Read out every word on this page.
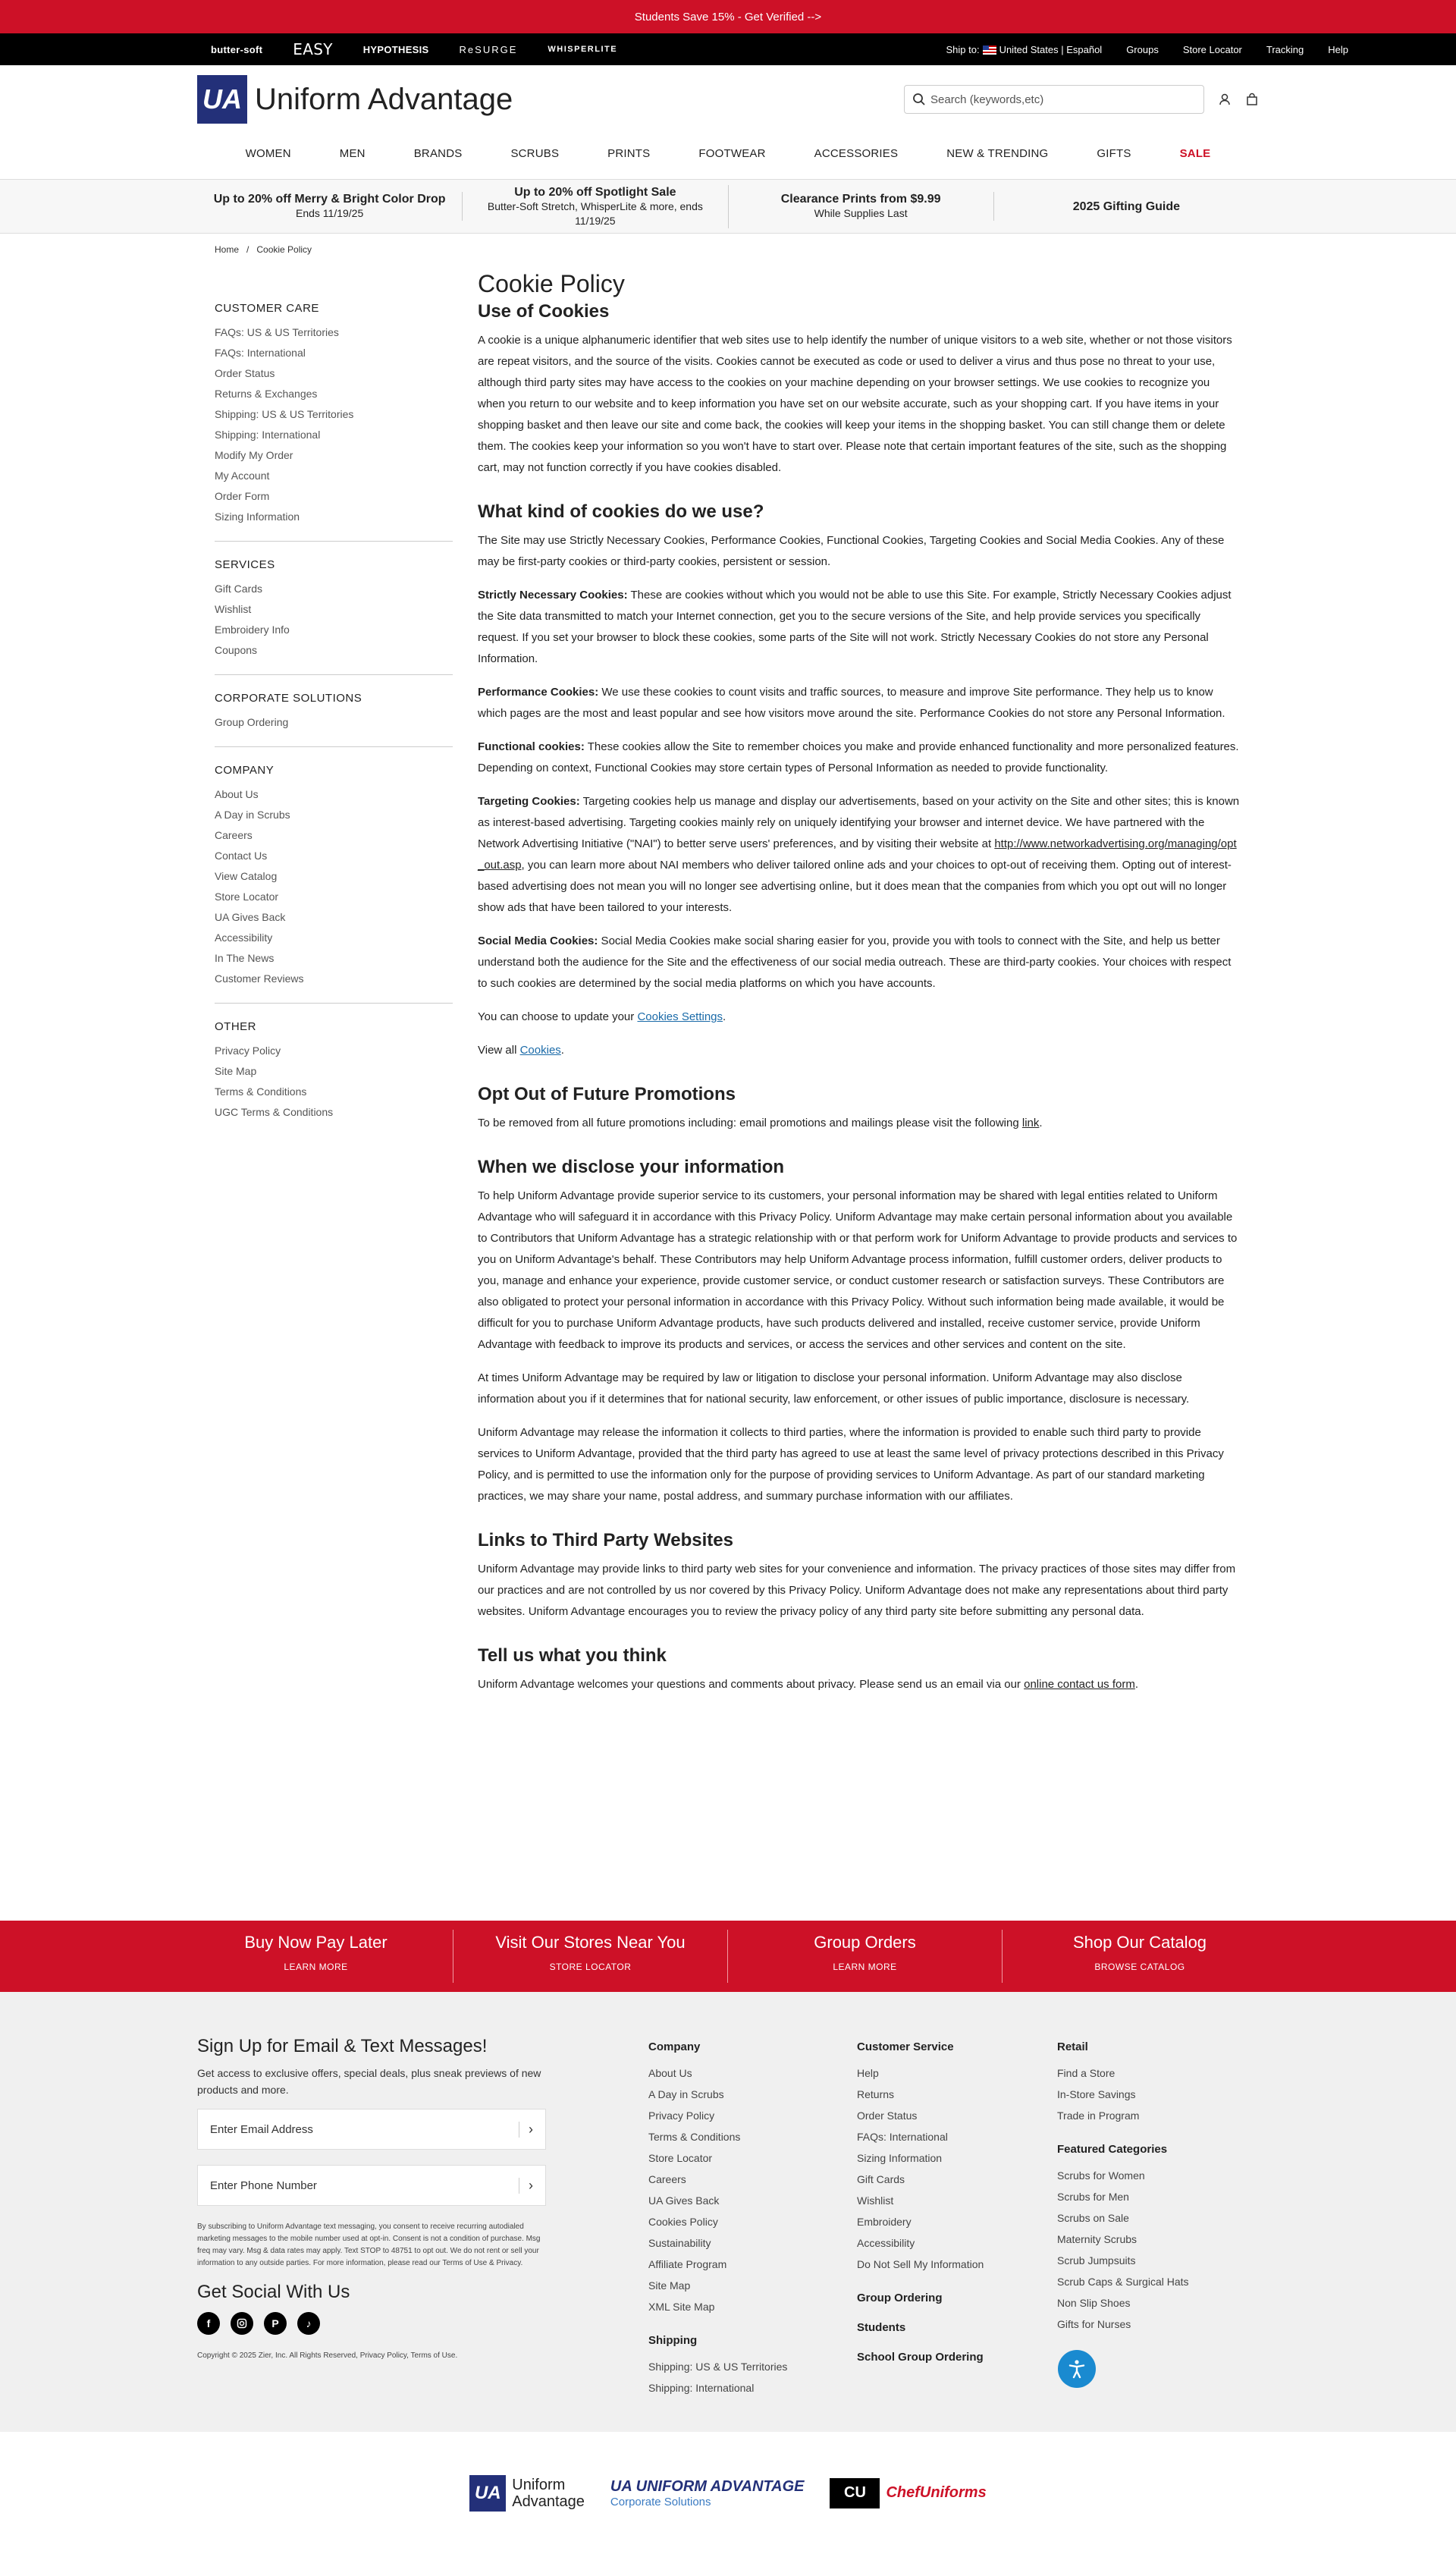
Students Save 15% - Get Verified -->
butter-soft EASY	HYPOTHESIS	ReSURGE	WHISPERLITE	Ship to: United States | Español Groups Store Locator Tracking Help
UA Uniform Advantage
Search (keywords,etc)
WOMEN	MEN	BRANDS	SCRUBS	PRINTS	FOOTWEAR	ACCESSORIES	NEW & TRENDING	GIFTS	SALE
Up to 20% off Merry & Bright Color Drop
Ends 11/19/25
Up to 20% off Spotlight Sale
Butter-Soft Stretch, WhisperLite & more, ends 11/19/25
Clearance Prints from $9.99
While Supplies Last
2025 Gifting Guide
Home / Cookie Policy
CUSTOMER CARE
FAQs: US & US Territories
FAQs: International
Order Status
Returns & Exchanges
Shipping: US & US Territories
Shipping: International
Modify My Order
My Account
Order Form
Sizing Information
SERVICES
Gift Cards
Wishlist
Embroidery Info
Coupons
CORPORATE SOLUTIONS
Group Ordering
COMPANY
About Us
A Day in Scrubs
Careers
Contact Us
View Catalog
Store Locator
UA Gives Back
Accessibility
In The News
Customer Reviews
OTHER
Privacy Policy
Site Map
Terms & Conditions
UGC Terms & Conditions
Cookie Policy
Use of Cookies

A cookie is a unique alphanumeric identifier that web sites use to help identify the number of unique visitors to a web site, whether or not those visitors are repeat visitors, and the source of the visits. Cookies cannot be executed as code or used to deliver a virus and thus pose no threat to your use, although third party sites may have access to the cookies on your machine depending on your browser settings. We use cookies to recognize you when you return to our website and to keep information you have set on our website accurate, such as your shopping cart. If you have items in your shopping basket and then leave our site and come back, the cookies will keep your items in the shopping basket. You can still change them or delete them. The cookies keep your information so you won't have to start over. Please note that certain important features of the site, such as the shopping cart, may not function correctly if you have cookies disabled.

What kind of cookies do we use?

The Site may use Strictly Necessary Cookies, Performance Cookies, Functional Cookies, Targeting Cookies and Social Media Cookies. Any of these may be first-party cookies or third-party cookies, persistent or session.

Strictly Necessary Cookies: These are cookies without which you would not be able to use this Site. For example, Strictly Necessary Cookies adjust the Site data transmitted to match your Internet connection, get you to the secure versions of the Site, and help provide services you specifically request. If you set your browser to block these cookies, some parts of the Site will not work. Strictly Necessary Cookies do not store any Personal Information.

Performance Cookies: We use these cookies to count visits and traffic sources, to measure and improve Site performance. They help us to know which pages are the most and least popular and see how visitors move around the site. Performance Cookies do not store any Personal Information.

Functional cookies: These cookies allow the Site to remember choices you make and provide enhanced functionality and more personalized features. Depending on context, Functional Cookies may store certain types of Personal Information as needed to provide functionality.

Targeting Cookies: Targeting cookies help us manage and display our advertisements, based on your activity on the Site and other sites; this is known as interest-based advertising. Targeting cookies mainly rely on uniquely identifying your browser and internet device. We have partnered with the Network Advertising Initiative ("NAI") to better serve users' preferences, and by visiting their website at http://www.networkadvertising.org/managing/opt_out.asp, you can learn more about NAI members who deliver tailored online ads and your choices to opt-out of receiving them. Opting out of interest-based advertising does not mean you will no longer see advertising online, but it does mean that the companies from which you opt out will no longer show ads that have been tailored to your interests.

Social Media Cookies: Social Media Cookies make social sharing easier for you, provide you with tools to connect with the Site, and help us better understand both the audience for the Site and the effectiveness of our social media outreach. These are third-party cookies. Your choices with respect to such cookies are determined by the social media platforms on which you have accounts.

You can choose to update your Cookies Settings.

View all Cookies.

Opt Out of Future Promotions

To be removed from all future promotions including: email promotions and mailings please visit the following link.

When we disclose your information

To help Uniform Advantage provide superior service to its customers, your personal information may be shared with legal entities related to Uniform Advantage who will safeguard it in accordance with this Privacy Policy. Uniform Advantage may make certain personal information about you available to Contributors that Uniform Advantage has a strategic relationship with or that perform work for Uniform Advantage to provide products and services to you on Uniform Advantage's behalf. These Contributors may help Uniform Advantage process information, fulfill customer orders, deliver products to you, manage and enhance your experience, provide customer service, or conduct customer research or satisfaction surveys. These Contributors are also obligated to protect your personal information in accordance with this Privacy Policy. Without such information being made available, it would be difficult for you to purchase Uniform Advantage products, have such products delivered and installed, receive customer service, provide Uniform Advantage with feedback to improve its products and services, or access the services and other services and content on the site.

At times Uniform Advantage may be required by law or litigation to disclose your personal information. Uniform Advantage may also disclose information about you if it determines that for national security, law enforcement, or other issues of public importance, disclosure is necessary.

Uniform Advantage may release the information it collects to third parties, where the information is provided to enable such third party to provide services to Uniform Advantage, provided that the third party has agreed to use at least the same level of privacy protections described in this Privacy Policy, and is permitted to use the information only for the purpose of providing services to Uniform Advantage. As part of our standard marketing practices, we may share your name, postal address, and summary purchase information with our affiliates.

Links to Third Party Websites

Uniform Advantage may provide links to third party web sites for your convenience and information. The privacy practices of those sites may differ from our practices and are not controlled by us nor covered by this Privacy Policy. Uniform Advantage does not make any representations about third party websites. Uniform Advantage encourages you to review the privacy policy of any third party site before submitting any personal data.

Tell us what you think

Uniform Advantage welcomes your questions and comments about privacy. Please send us an email via our online contact us form.

Buy Now Pay Later
LEARN MORE
Visit Our Stores Near You
STORE LOCATOR
Group Orders
LEARN MORE
Shop Our Catalog
BROWSE CATALOG
Sign Up for Email & Text Messages!

Get access to exclusive offers, special deals, plus sneak previews of new products and more.

Enter Email Address
›
Enter Phone Number
›

By subscribing to Uniform Advantage text messaging, you consent to receive recurring autodialed marketing messages to the mobile number used at opt-in. Consent is not a condition of purchase. Msg freq may vary. Msg & data rates may apply. Text STOP to 48751 to opt out. We do not rent or sell your information to any outside parties. For more information, please read our Terms of Use & Privacy.

Get Social With Us
f	P	♪
Copyright © 2025 Zier, Inc. All Rights Reserved, Privacy Policy, Terms of Use.
Company
About Us
A Day in Scrubs
Privacy Policy
Terms & Conditions
Store Locator
Careers
UA Gives Back
Cookies Policy
Sustainability
Affiliate Program
Site Map
XML Site Map
Shipping
Shipping: US & US Territories
Shipping: International
Customer Service
Help
Returns
Order Status
FAQs: International
Sizing Information
Gift Cards
Wishlist
Embroidery
Accessibility
Do Not Sell My Information
Group Ordering
Students
School Group Ordering
Retail
Find a Store
In-Store Savings
Trade in Program
Featured Categories
Scrubs for Women
Scrubs for Men
Scrubs on Sale
Maternity Scrubs
Scrub Jumpsuits
Scrub Caps & Surgical Hats
Non Slip Shoes
Gifts for Nurses
UA Uniform
Advantage
UA UNIFORM ADVANTAGE
Corporate Solutions
CU	ChefUniforms
